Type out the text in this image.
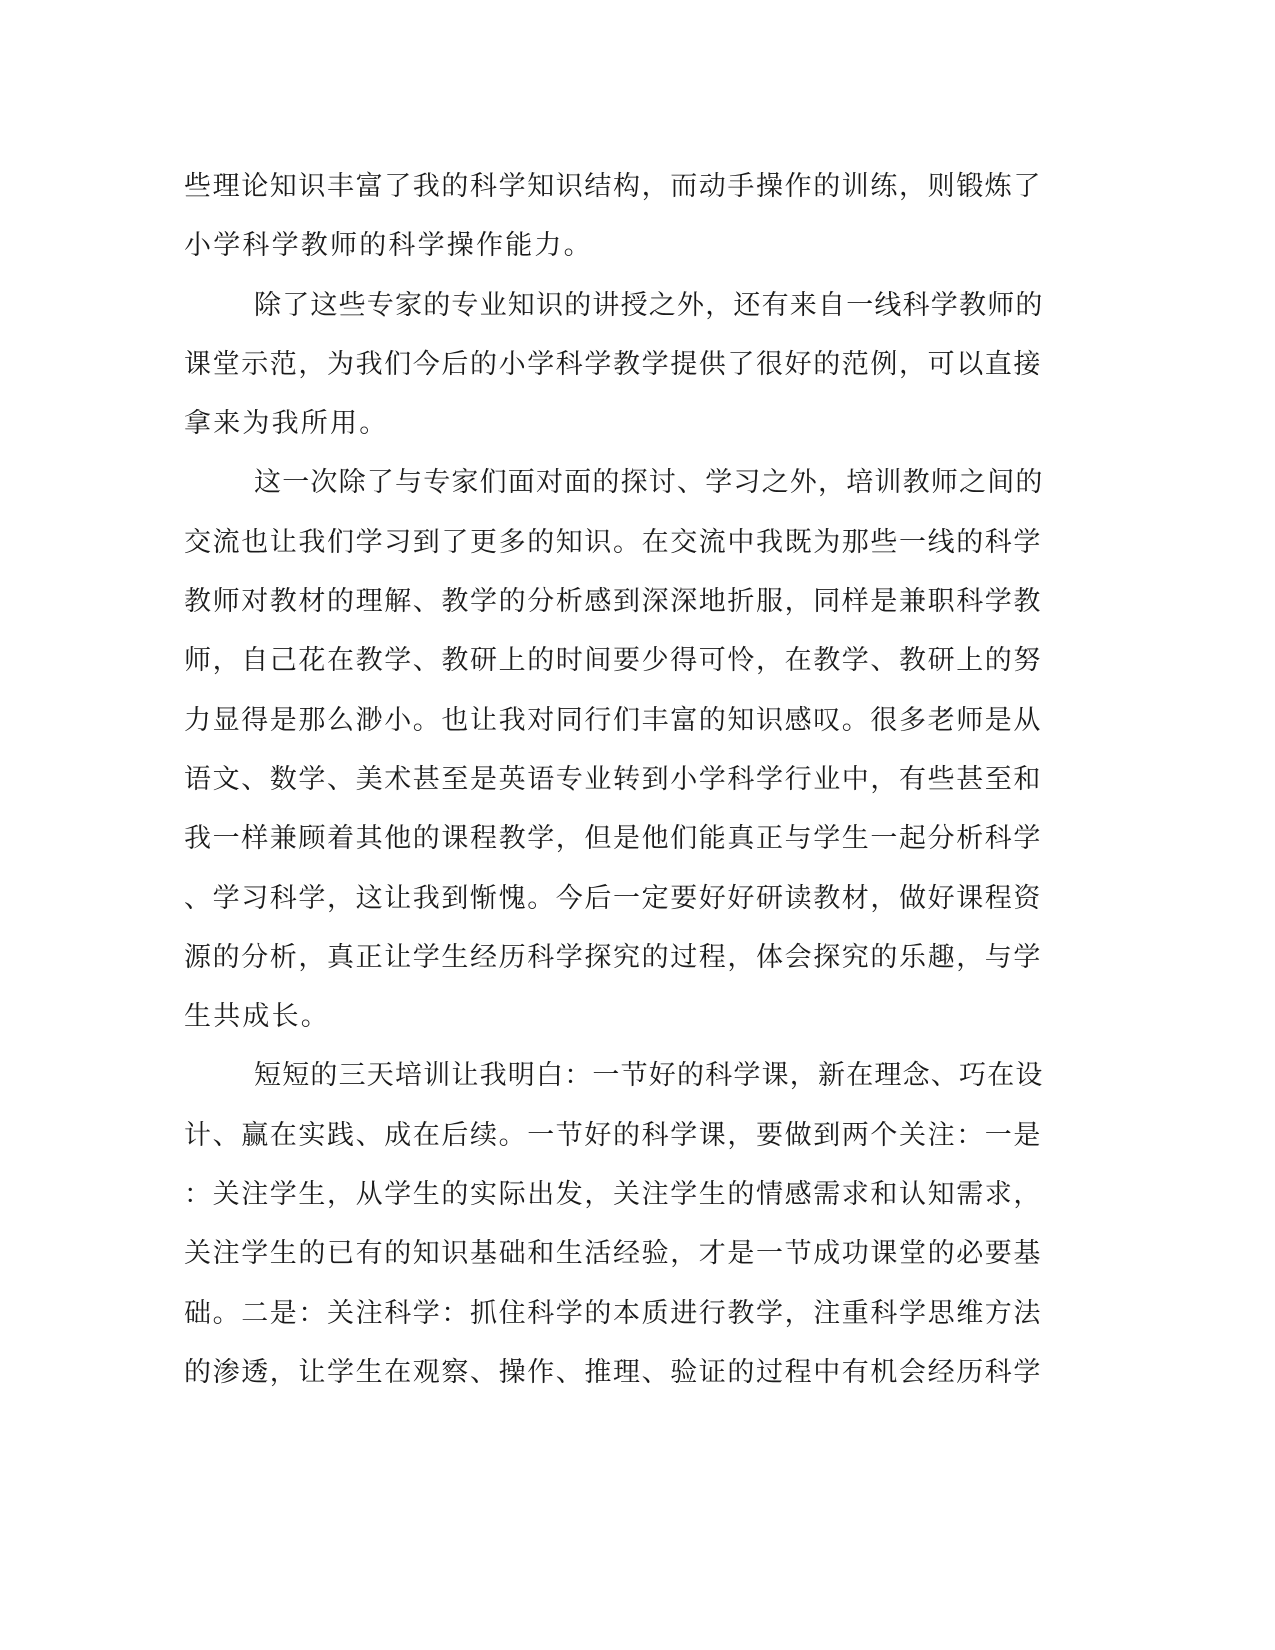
些理论知识丰富了我的科学知识结构，而动手操作的训练，则锻炼了
小学科学教师的科学操作能力。
除了这些专家的专业知识的讲授之外，还有来自一线科学教师的
课堂示范，为我们今后的小学科学教学提供了很好的范例，可以直接
拿来为我所用。
这一次除了与专家们面对面的探讨、学习之外，培训教师之间的
交流也让我们学习到了更多的知识。在交流中我既为那些一线的科学
教师对教材的理解、教学的分析感到深深地折服，同样是兼职科学教
师，自己花在教学、教研上的时间要少得可怜，在教学、教研上的努
力显得是那么渺小。也让我对同行们丰富的知识感叹。很多老师是从
语文、数学、美术甚至是英语专业转到小学科学行业中，有些甚至和
我一样兼顾着其他的课程教学，但是他们能真正与学生一起分析科学
、学习科学，这让我到惭愧。今后一定要好好研读教材，做好课程资
源的分析，真正让学生经历科学探究的过程，体会探究的乐趣，与学
生共成长。
短短的三天培训让我明白：一节好的科学课，新在理念、巧在设
计、赢在实践、成在后续。一节好的科学课，要做到两个关注：一是
：关注学生，从学生的实际出发，关注学生的情感需求和认知需求，
关注学生的已有的知识基础和生活经验，才是一节成功课堂的必要基
础。二是：关注科学：抓住科学的本质进行教学，注重科学思维方法
的渗透，让学生在观察、操作、推理、验证的过程中有机会经历科学
